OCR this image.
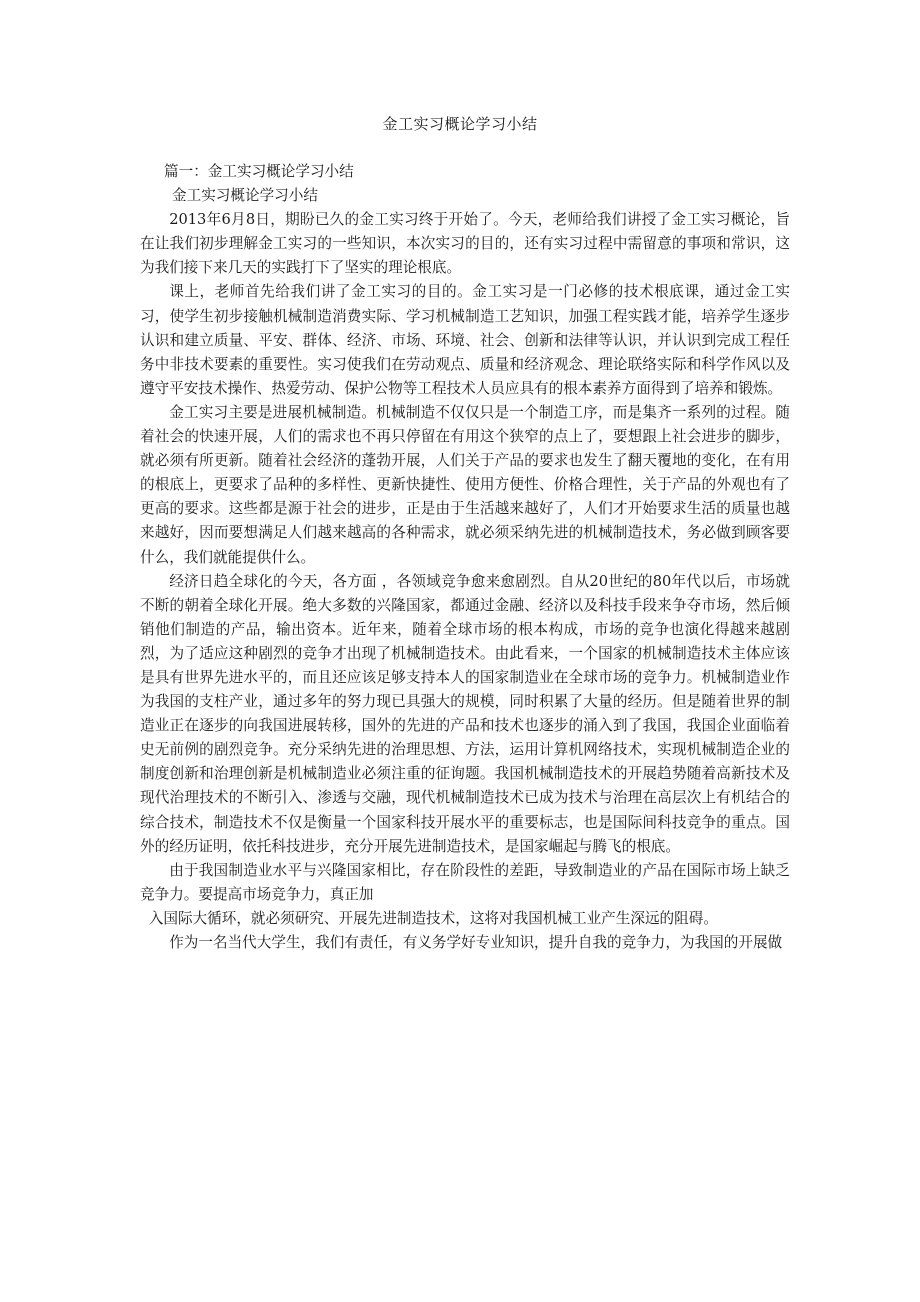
金工实习概论学习小结

篇一：金工实习概论学习小结

金工实习概论学习小结

2013年6月8日，期盼已久的金工实习终于开始了。今天，老师给我们讲授了金工实习概论，旨在让我们初步理解金工实习的一些知识，本次实习的目的，还有实习过程中需留意的事项和常识，这为我们接下来几天的实践打下了坚实的理论根底。

课上，老师首先给我们讲了金工实习的目的。金工实习是一门必修的技术根底课，通过金工实习，使学生初步接触机械制造消费实际、学习机械制造工艺知识，加强工程实践才能，培养学生逐步认识和建立质量、平安、群体、经济、市场、环境、社会、创新和法律等认识，并认识到完成工程任务中非技术要素的重要性。实习使我们在劳动观点、质量和经济观念、理论联络实际和科学作风以及遵守平安技术操作、热爱劳动、保护公物等工程技术人员应具有的根本素养方面得到了培养和锻炼。

金工实习主要是进展机械制造。机械制造不仅仅只是一个制造工序，而是集齐一系列的过程。随着社会的快速开展，人们的需求也不再只停留在有用这个狭窄的点上了，要想跟上社会进步的脚步，就必须有所更新。随着社会经济的蓬勃开展，人们关于产品的要求也发生了翻天覆地的变化，在有用的根底上，更要求了品种的多样性、更新快捷性、使用方便性、价格合理性，关于产品的外观也有了更高的要求。这些都是源于社会的进步，正是由于生活越来越好了，人们才开始要求生活的质量也越来越好，因而要想满足人们越来越高的各种需求，就必须采纳先进的机械制造技术，务必做到顾客要什么，我们就能提供什么。

经济日趋全球化的今天，各方面 ，各领域竞争愈来愈剧烈。自从20世纪的80年代以后，市场就不断的朝着全球化开展。绝大多数的兴隆国家，都通过金融、经济以及科技手段来争夺市场，然后倾销他们制造的产品，输出资本。近年来，随着全球市场的根本构成，市场的竞争也演化得越来越剧烈，为了适应这种剧烈的竞争才出现了机械制造技术。由此看来，一个国家的机械制造技术主体应该是具有世界先进水平的，而且还应该足够支持本人的国家制造业在全球市场的竞争力。机械制造业作为我国的支柱产业，通过多年的努力现已具强大的规模，同时积累了大量的经历。但是随着世界的制造业正在逐步的向我国进展转移，国外的先进的产品和技术也逐步的涌入到了我国，我国企业面临着史无前例的剧烈竞争。充分采纳先进的治理思想、方法，运用计算机网络技术，实现机械制造企业的制度创新和治理创新是机械制造业必须注重的征询题。我国机械制造技术的开展趋势随着高新技术及现代治理技术的不断引入、渗透与交融，现代机械制造技术已成为技术与治理在高层次上有机结合的综合技术，制造技术不仅是衡量一个国家科技开展水平的重要标志，也是国际间科技竞争的重点。国外的经历证明，依托科技进步，充分开展先进制造技术，是国家崛起与腾飞的根底。

由于我国制造业水平与兴隆国家相比，存在阶段性的差距，导致制造业的产品在国际市场上缺乏竞争力。要提高市场竞争力，真正加

入国际大循环，就必须研究、开展先进制造技术，这将对我国机械工业产生深远的阻碍。

作为一名当代大学生，我们有责任，有义务学好专业知识，提升自我的竞争力，为我国的开展做
